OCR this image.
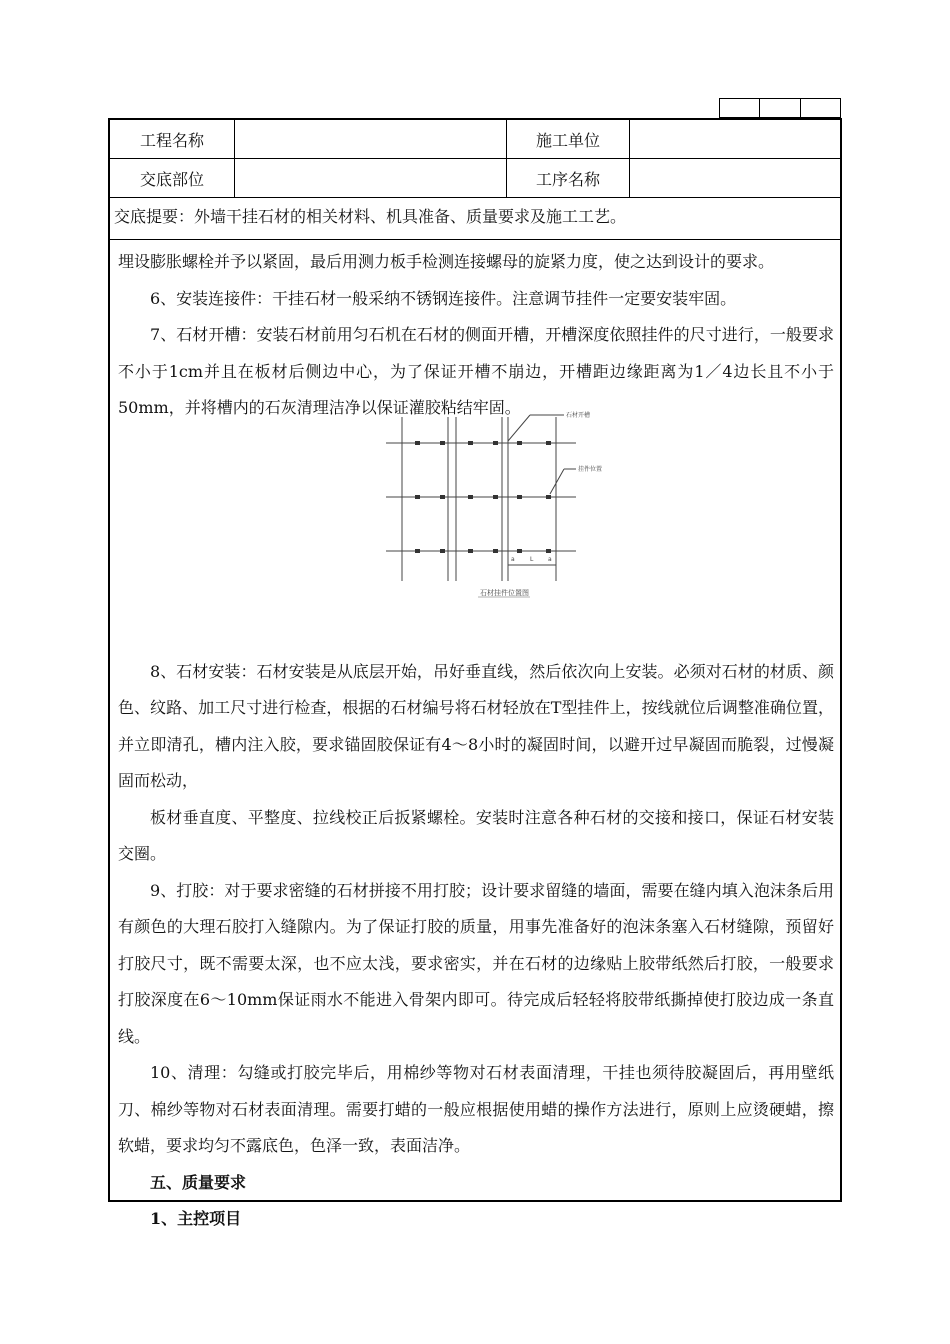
工程名称	施工单位
交底部位	工序名称
交底提要：外墙干挂石材的相关材料、机具准备、质量要求及施工工艺。

埋设膨胀螺栓并予以紧固，最后用测力板手检测连接螺母的旋紧力度，使之达到设计的要求。

6、安装连接件：干挂石材一般采纳不锈钢连接件。注意调节挂件一定要安装牢固。

7、石材开槽：安装石材前用匀石机在石材的侧面开槽，开槽深度依照挂件的尺寸进行，一般要求不小于1cm并且在板材后侧边中心，为了保证开槽不崩边，开槽距边缘距离为1／4边长且不小于50mm，并将槽内的石灰清理洁净以保证灌胶粘结牢固。

8、石材安装：石材安装是从底层开始，吊好垂直线，然后依次向上安装。必须对石材的材质、颜色、纹路、加工尺寸进行检查，根据的石材编号将石材轻放在T型挂件上，按线就位后调整准确位置，并立即清孔，槽内注入胶，要求锚固胶保证有4～8小时的凝固时间，以避开过早凝固而脆裂，过慢凝固而松动，

板材垂直度、平整度、拉线校正后扳紧螺栓。安装时注意各种石材的交接和接口，保证石材安装交圈。

9、打胶：对于要求密缝的石材拼接不用打胶；设计要求留缝的墙面，需要在缝内填入泡沫条后用有颜色的大理石胶打入缝隙内。为了保证打胶的质量，用事先准备好的泡沫条塞入石材缝隙，预留好打胶尺寸，既不需要太深，也不应太浅，要求密实，并在石材的边缘贴上胶带纸然后打胶，一般要求打胶深度在6～10mm保证雨水不能进入骨架内即可。待完成后轻轻将胶带纸撕掉使打胶边成一条直线。

10、清理：勾缝或打胶完毕后，用棉纱等物对石材表面清理，干挂也须待胶凝固后，再用壁纸刀、棉纱等物对石材表面清理。需要打蜡的一般应根据使用蜡的操作方法进行，原则上应烫硬蜡，擦软蜡，要求均匀不露底色，色泽一致，表面洁净。

五、质量要求

1、主控项目

石材开槽
挂件位置
a	L a
石材挂件位置图
